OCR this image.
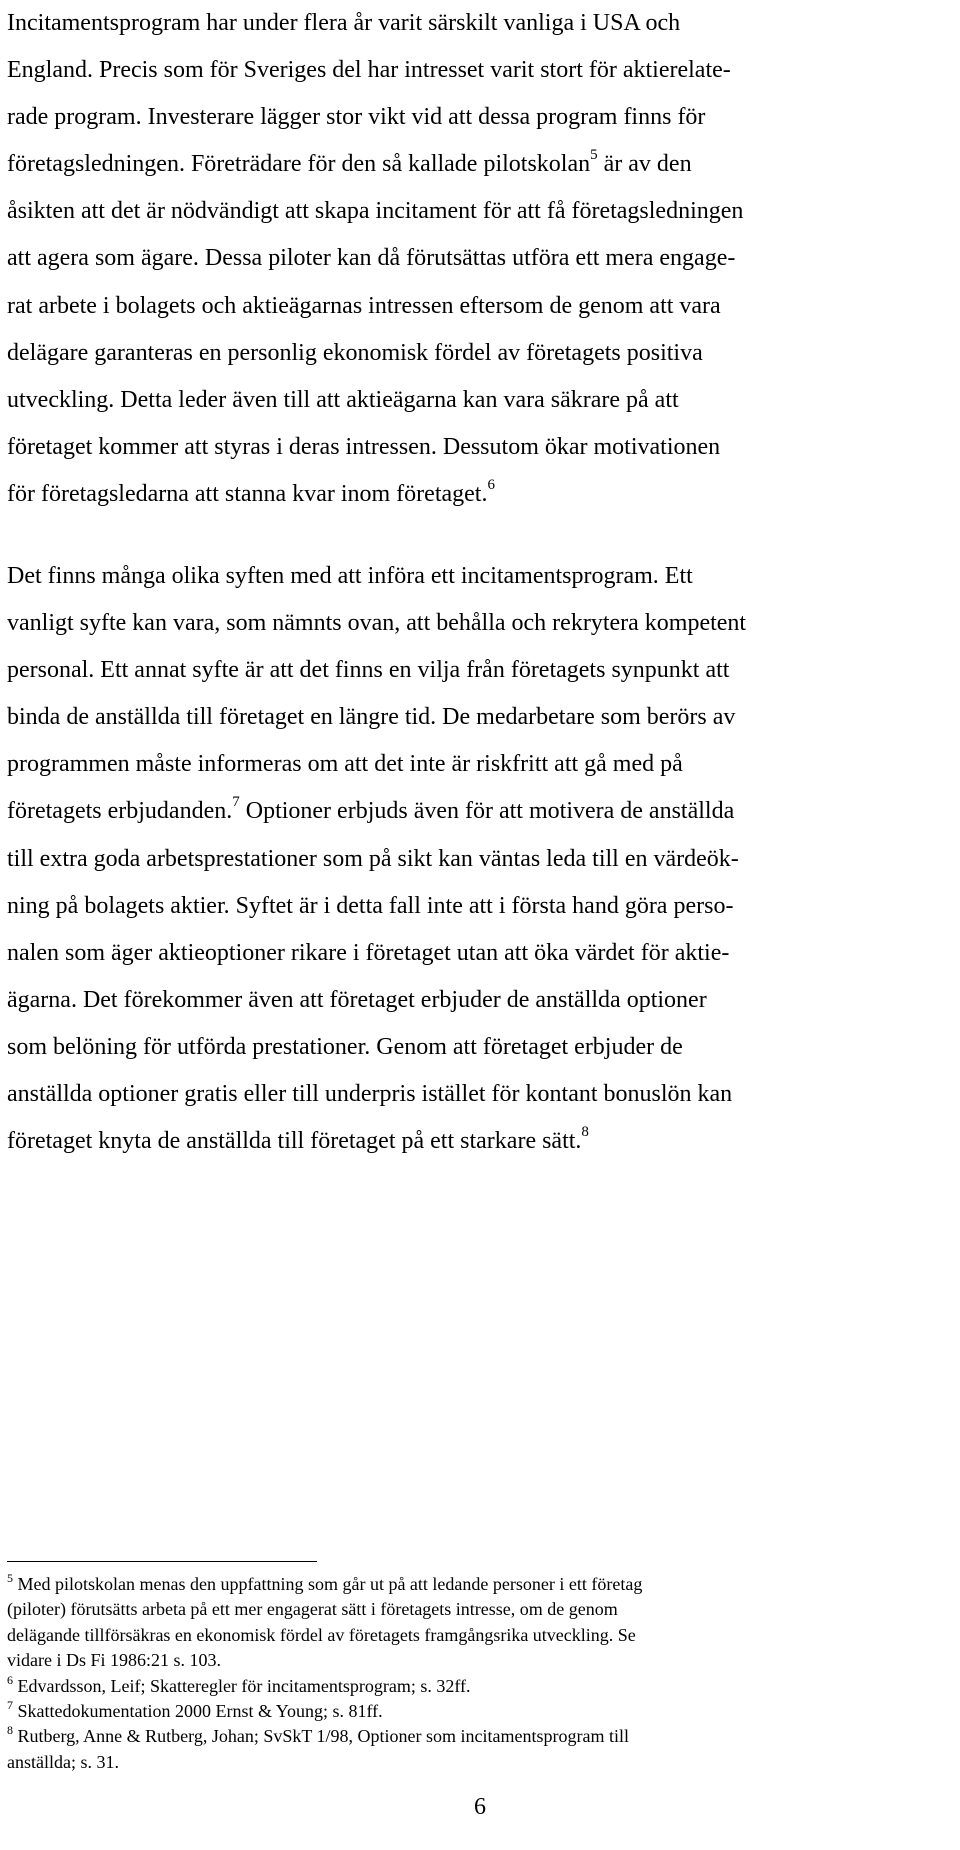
Incitamentsprogram har under flera år varit särskilt vanliga i USA och
England. Precis som för Sveriges del har intresset varit stort för aktierelate-
rade program. Investerare lägger stor vikt vid att dessa program finns för
företagsledningen. Företrädare för den så kallade pilotskolan$^5$ är av den
åsikten att det är nödvändigt att skapa incitament för att få företagsledningen
att agera som ägare. Dessa piloter kan då förutsättas utföra ett mera engage-
rat arbete i bolagets och aktieägarnas intressen eftersom de genom att vara
delägare garanteras en personlig ekonomisk fördel av företagets positiva
utveckling. Detta leder även till att aktieägarna kan vara säkrare på att
företaget kommer att styras i deras intressen. Dessutom ökar motivationen
för företagsledarna att stanna kvar inom företaget.$^6$

Det finns många olika syften med att införa ett incitamentsprogram. Ett
vanligt syfte kan vara, som nämnts ovan, att behålla och rekrytera kompetent
personal. Ett annat syfte är att det finns en vilja från företagets synpunkt att
binda de anställda till företaget en längre tid. De medarbetare som berörs av
programmen måste informeras om att det inte är riskfritt att gå med på
företagets erbjudanden.$^7$ Optioner erbjuds även för att motivera de anställda
till extra goda arbetsprestationer som på sikt kan väntas leda till en värdeök-
ning på bolagets aktier. Syftet är i detta fall inte att i första hand göra perso-
nalen som äger aktieoptioner rikare i företaget utan att öka värdet för aktie-
ägarna. Det förekommer även att företaget erbjuder de anställda optioner
som belöning för utförda prestationer. Genom att företaget erbjuder de
anställda optioner gratis eller till underpris istället för kontant bonuslön kan
företaget knyta de anställda till företaget på ett starkare sätt.$^8$

$^5$ Med pilotskolan menas den uppfattning som går ut på att ledande personer i ett företag
(piloter) förutsätts arbeta på ett mer engagerat sätt i företagets intresse, om de genom
delägande tillförsäkras en ekonomisk fördel av företagets framgångsrika utveckling. Se
vidare i Ds Fi 1986:21 s. 103.
$^6$ Edvardsson, Leif; Skatteregler för incitamentsprogram; s. 32ff.
$^7$ Skattedokumentation 2000 Ernst & Young; s. 81ff.
$^8$ Rutberg, Anne & Rutberg, Johan; SvSkT 1/98, Optioner som incitamentsprogram till
anställda; s. 31.
6
